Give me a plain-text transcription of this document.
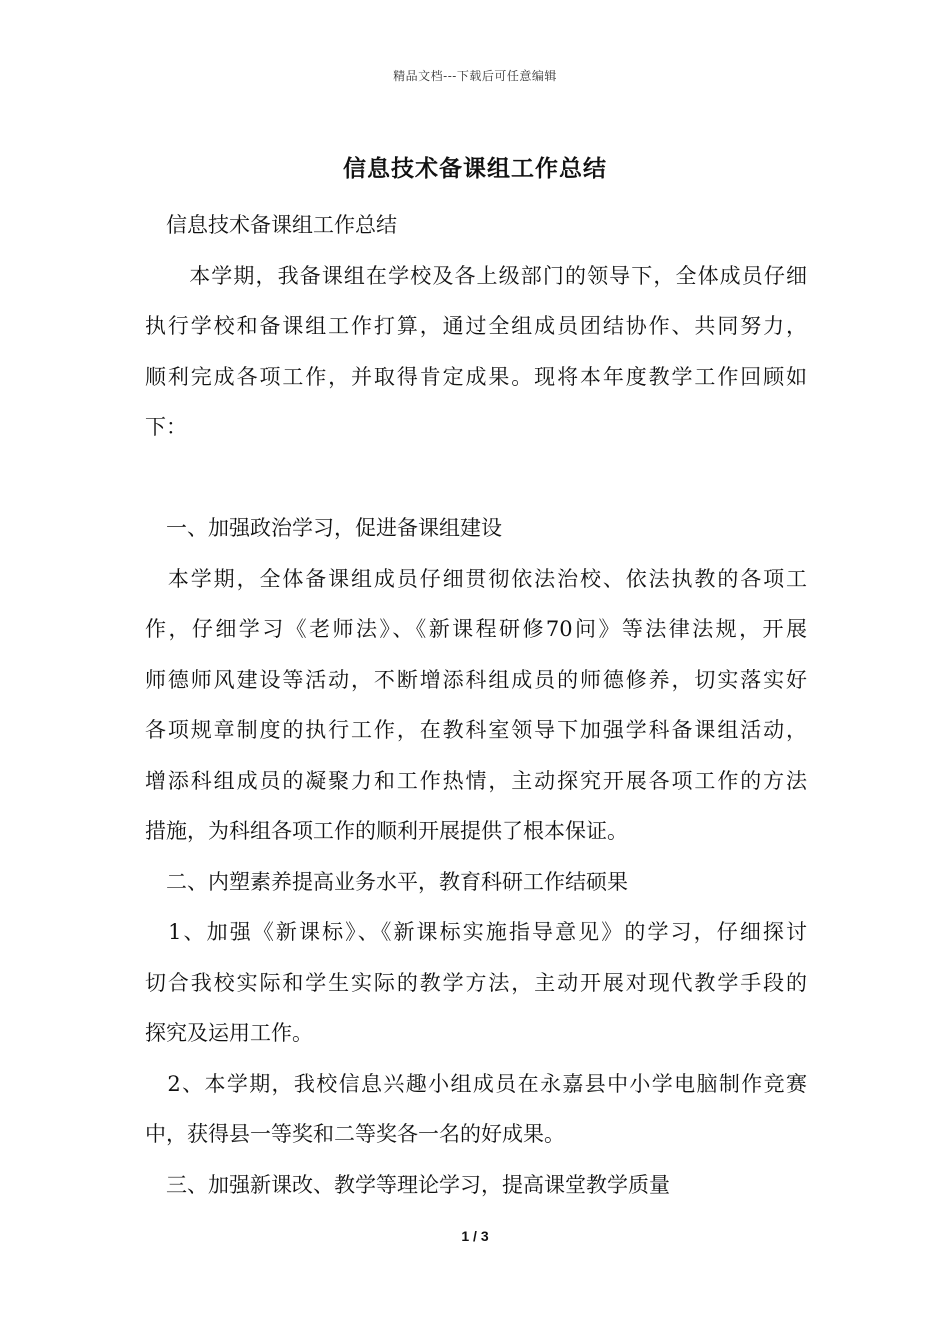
精品文档---下载后可任意编辑
信息技术备课组工作总结
　信息技术备课组工作总结
　　本学期，我备课组在学校及各上级部门的领导下，全体成员仔细
执行学校和备课组工作打算，通过全组成员团结协作、共同努力，
顺利完成各项工作，并取得肯定成果。现将本年度教学工作回顾如
下：
　一、加强政治学习，促进备课组建设
　本学期，全体备课组成员仔细贯彻依法治校、依法执教的各项工
作，仔细学习《老师法》、《新课程研修70问》等法律法规，开展
师德师风建设等活动，不断增添科组成员的师德修养，切实落实好
各项规章制度的执行工作，在教科室领导下加强学科备课组活动，
增添科组成员的凝聚力和工作热情，主动探究开展各项工作的方法
措施，为科组各项工作的顺利开展提供了根本保证。
　二、内塑素养提高业务水平，教育科研工作结硕果
　1、加强《新课标》、《新课标实施指导意见》的学习，仔细探讨
切合我校实际和学生实际的教学方法，主动开展对现代教学手段的
探究及运用工作。
　2、本学期，我校信息兴趣小组成员在永嘉县中小学电脑制作竞赛
中，获得县一等奖和二等奖各一名的好成果。
　三、加强新课改、教学等理论学习，提高课堂教学质量
1 / 3
